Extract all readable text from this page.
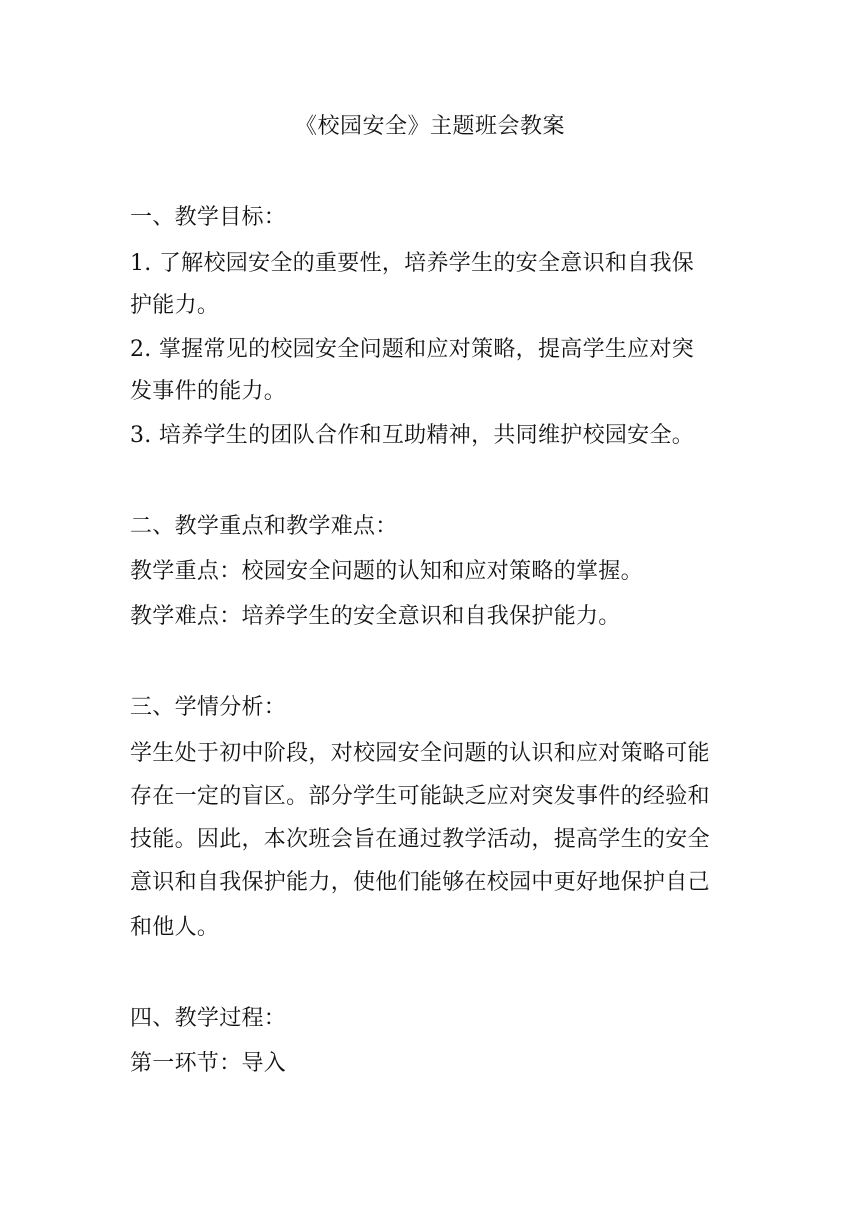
《校园安全》主题班会教案
一、教学目标：
1. 了解校园安全的重要性，培养学生的安全意识和自我保
护能力。
2. 掌握常见的校园安全问题和应对策略，提高学生应对突
发事件的能力。
3. 培养学生的团队合作和互助精神，共同维护校园安全。
二、教学重点和教学难点：
教学重点：校园安全问题的认知和应对策略的掌握。
教学难点：培养学生的安全意识和自我保护能力。
三、学情分析：
学生处于初中阶段，对校园安全问题的认识和应对策略可能
存在一定的盲区。部分学生可能缺乏应对突发事件的经验和
技能。因此，本次班会旨在通过教学活动，提高学生的安全
意识和自我保护能力，使他们能够在校园中更好地保护自己
和他人。
四、教学过程：
第一环节：导入
